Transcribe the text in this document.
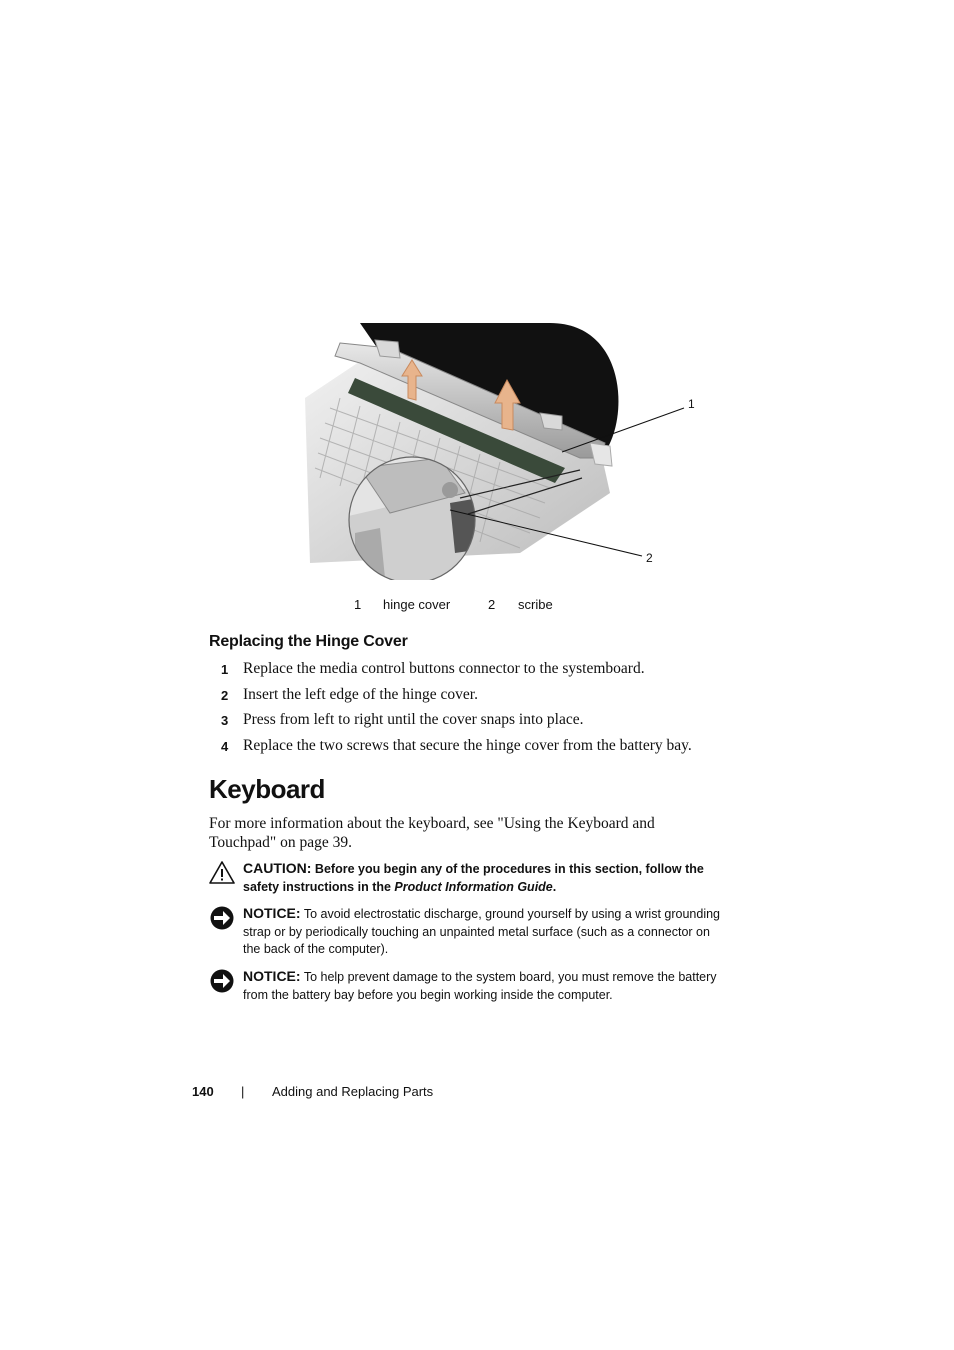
1
2
1 hinge cover	2 scribe
Replacing the Hinge Cover
1 Replace the media control buttons connector to the systemboard.
2 Insert the left edge of the hinge cover.
3 Press from left to right until the cover snaps into place.
4 Replace the two screws that secure the hinge cover from the battery bay.
Keyboard
For more information about the keyboard, see "Using the Keyboard and Touchpad" on page 39.
CAUTION: Before you begin any of the procedures in this section, follow the safety instructions in the Product Information Guide.
NOTICE: To avoid electrostatic discharge, ground yourself by using a wrist grounding strap or by periodically touching an unpainted metal surface (such as a connector on the back of the computer).
NOTICE: To help prevent damage to the system board, you must remove the battery from the battery bay before you begin working inside the computer.
140 | Adding and Replacing Parts
